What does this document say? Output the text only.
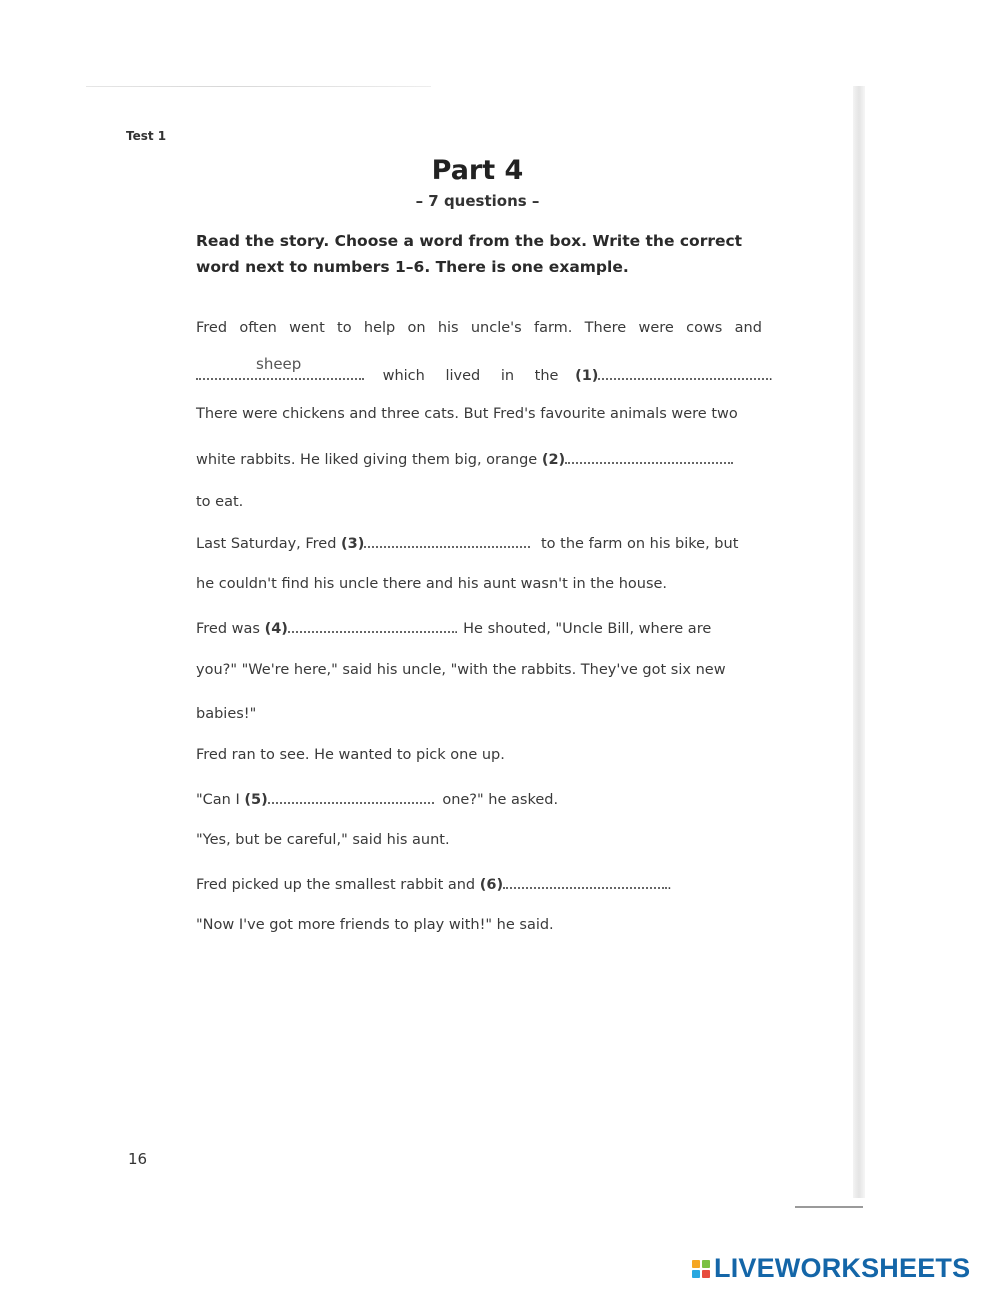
Test 1
Part 4
– 7 questions –
Read the story. Choose a word from the box. Write the correct
word next to numbers 1–6. There is one example.
Fred often went to help on his uncle's farm. There were cows and
sheep
which lived in the (1)	.
There were chickens and three cats. But Fred's favourite animals were two
white rabbits. He liked giving them big, orange (2)
to eat.
Last Saturday, Fred (3)	to the farm on his bike, but
he couldn't find his uncle there and his aunt wasn't in the house.
Fred was (4)	. He shouted, "Uncle Bill, where are
you?" "We're here," said his uncle, "with the rabbits. They've got six new
babies!"
Fred ran to see. He wanted to pick one up.
"Can I (5)	one?" he asked.
"Yes, but be careful," said his aunt.
Fred picked up the smallest rabbit and (6)	.
"Now I've got more friends to play with!" he said.
16
LIVEWORKSHEETS
